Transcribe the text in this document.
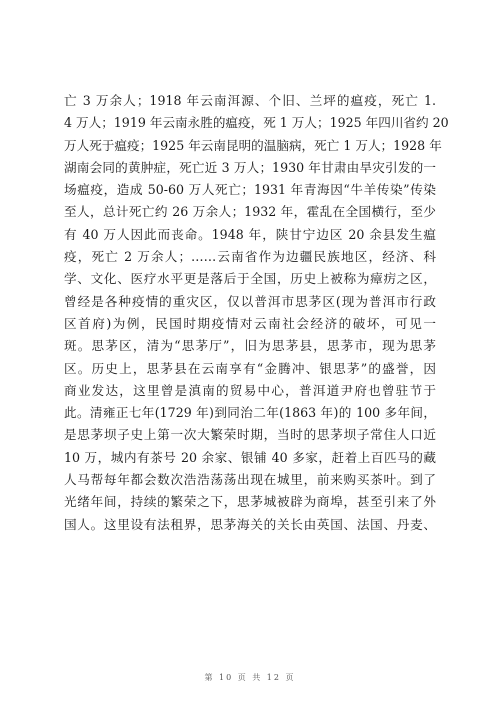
亡 3 万余人；1918 年云南洱源、个旧、兰坪的瘟疫，死亡 1.
4 万人；1919 年云南永胜的瘟疫，死 1 万人；1925 年四川省约 20
万人死于瘟疫；1925 年云南昆明的温脑病，死亡 1 万人；1928 年
湖南会同的黄肿症，死亡近 3 万人；1930 年甘肃由旱灾引发的一
场瘟疫，造成 50-60 万人死亡；1931 年青海因“牛羊传染”传染
至人，总计死亡约 26 万余人；1932 年，霍乱在全国横行，至少
有 40 万人因此而丧命。1948 年，陕甘宁边区 20 余县发生瘟
疫，死亡 2 万余人；……云南省作为边疆民族地区，经济、科
学、文化、医疗水平更是落后于全国，历史上被称为瘴疠之区，
曾经是各种疫情的重灾区，仅以普洱市思茅区(现为普洱市行政
区首府)为例，民国时期疫情对云南社会经济的破坏，可见一
斑。思茅区，清为“思茅厅”，旧为思茅县，思茅市，现为思茅
区。历史上，思茅县在云南享有“金腾冲、银思茅”的盛誉，因
商业发达，这里曾是滇南的贸易中心，普洱道尹府也曾驻节于
此。清雍正七年(1729 年)到同治二年(1863 年)的 100 多年间，
是思茅坝子史上第一次大繁荣时期，当时的思茅坝子常住人口近
10 万，城内有茶号 20 余家、银铺 40 多家，赶着上百匹马的藏
人马帮每年都会数次浩浩荡荡出现在城里，前来购买茶叶。到了
光绪年间，持续的繁荣之下，思茅城被辟为商埠，甚至引来了外
国人。这里设有法租界，思茅海关的关长由英国、法国、丹麦、
第 10 页 共 12 页
